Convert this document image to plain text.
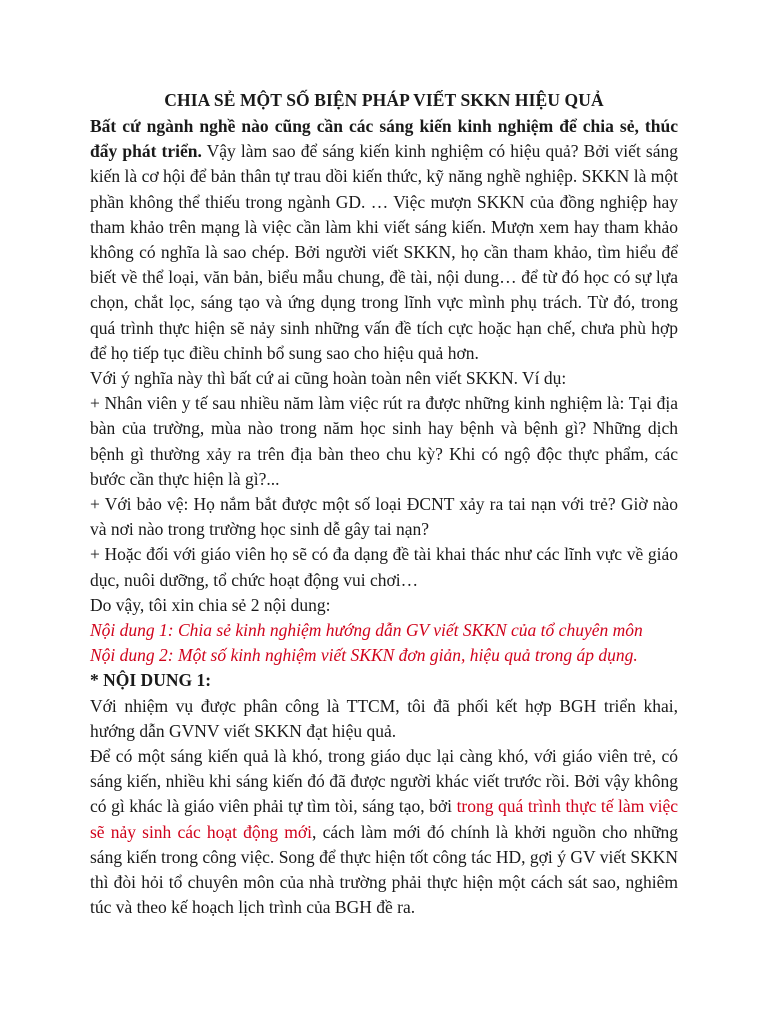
CHIA SẺ MỘT SỐ BIỆN PHÁP VIẾT SKKN HIỆU QUẢ

Bất cứ ngành nghề nào cũng cần các sáng kiến kinh nghiệm để chia sẻ, thúc đẩy phát triển. Vậy làm sao để sáng kiến kinh nghiệm có hiệu quả? Bởi viết sáng kiến là cơ hội để bản thân tự trau dồi kiến thức, kỹ năng nghề nghiệp. SKKN là một phần không thể thiếu trong ngành GD. … Việc mượn SKKN của đồng nghiệp hay tham khảo trên mạng là việc cần làm khi viết sáng kiến. Mượn xem hay tham khảo không có nghĩa là sao chép. Bởi người viết SKKN, họ cần tham khảo, tìm hiểu để biết về thể loại, văn bản, biểu mẫu chung, đề tài, nội dung… để từ đó học có sự lựa chọn, chắt lọc, sáng tạo và ứng dụng trong lĩnh vực mình phụ trách. Từ đó, trong quá trình thực hiện sẽ nảy sinh những vấn đề tích cực hoặc hạn chế, chưa phù hợp để họ tiếp tục điều chỉnh bổ sung sao cho hiệu quả hơn.

Với ý nghĩa này thì bất cứ ai cũng hoàn toàn nên viết SKKN. Ví dụ:

+ Nhân viên y tế sau nhiều năm làm việc rút ra được những kinh nghiệm là: Tại địa bàn của trường, mùa nào trong năm học sinh hay bệnh và bệnh gì? Những dịch bệnh gì thường xảy ra trên địa bàn theo chu kỳ? Khi có ngộ độc thực phẩm, các bước cần thực hiện là gì?...

+ Với bảo vệ: Họ nắm bắt được một số loại ĐCNT xảy ra tai nạn với trẻ? Giờ nào và nơi nào trong trường học sinh dễ gây tai nạn?

+ Hoặc đối với giáo viên họ sẽ có đa dạng đề tài khai thác như các lĩnh vực về giáo dục, nuôi dưỡng, tổ chức hoạt động vui chơi…

Do vậy, tôi xin chia sẻ 2 nội dung:

Nội dung 1: Chia sẻ kinh nghiệm hướng dẫn GV viết SKKN của tổ chuyên môn

Nội dung 2: Một số kinh nghiệm viết SKKN đơn giản, hiệu quả trong áp dụng.

* NỘI DUNG 1:

Với nhiệm vụ được phân công là TTCM, tôi đã phối kết hợp BGH triển khai, hướng dẫn GVNV viết SKKN đạt hiệu quả.

Để có một sáng kiến quả là khó, trong giáo dục lại càng khó, với giáo viên trẻ, có sáng kiến, nhiều khi sáng kiến đó đã được người khác viết trước rồi. Bởi vậy không có gì khác là giáo viên phải tự tìm tòi, sáng tạo, bởi trong quá trình thực tế làm việc sẽ nảy sinh các hoạt động mới, cách làm mới đó chính là khởi nguồn cho những sáng kiến trong công việc. Song để thực hiện tốt công tác HD, gợi ý GV viết SKKN thì đòi hỏi tổ chuyên môn của nhà trường phải thực hiện một cách sát sao, nghiêm túc và theo kế hoạch lịch trình của BGH đề ra.
